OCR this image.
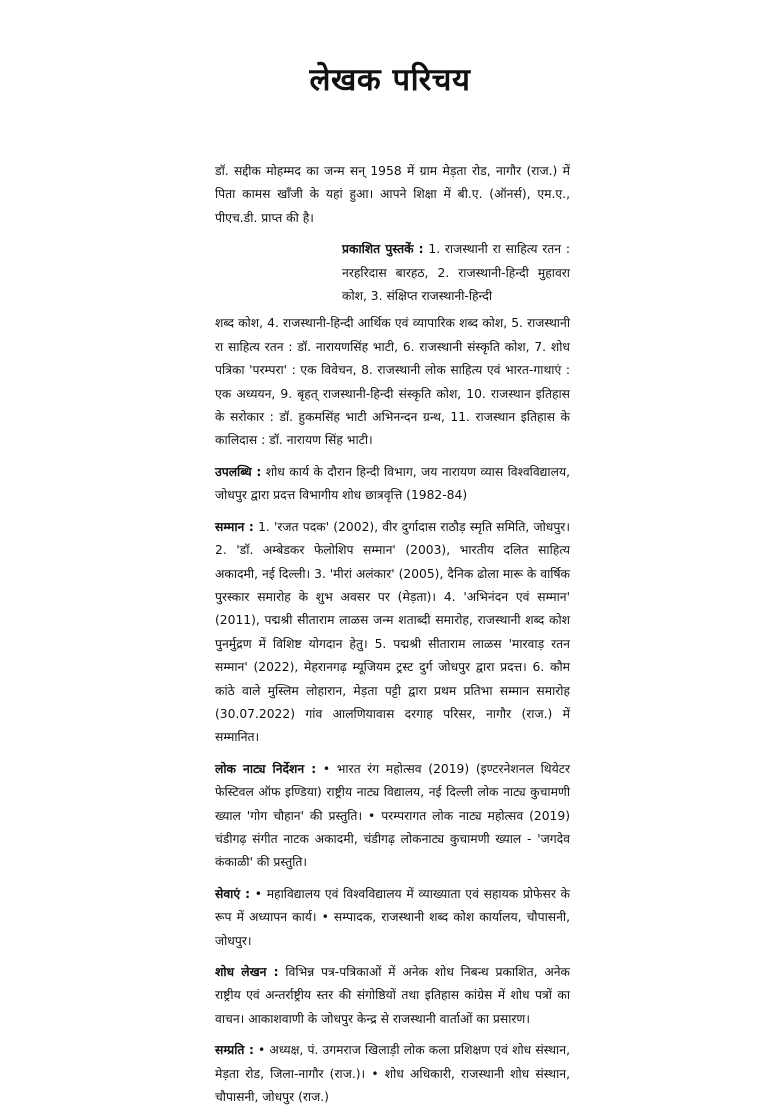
लेखक परिचय

डॉ. सद्दीक मोहम्मद का जन्म सन् 1958 में ग्राम मेड़ता रोड, नागौर (राज.) में पिता कामस खाँजी के यहां हुआ। आपने शिक्षा में बी.ए. (ऑनर्स), एम.ए., पीएच.डी. प्राप्त की है।

प्रकाशित पुस्तकें : 1. राजस्थानी रा साहित्य रतन : नरहरिदास बारहठ, 2. राजस्थानी-हिन्दी मुहावरा कोश, 3. संक्षिप्त राजस्थानी-हिन्दी

शब्द कोश, 4. राजस्थानी-हिन्दी आर्थिक एवं व्यापारिक शब्द कोश, 5. राजस्थानी रा साहित्य रतन : डॉ. नारायणसिंह भाटी, 6. राजस्थानी संस्कृति कोश, 7. शोध पत्रिका 'परम्परा' : एक विवेचन, 8. राजस्थानी लोक साहित्य एवं भारत-गाथाएं : एक अध्ययन, 9. बृहत् राजस्थानी-हिन्दी संस्कृति कोश, 10. राजस्थान इतिहास के सरोकार : डॉ. हुकमसिंह भाटी अभिनन्दन ग्रन्थ, 11. राजस्थान इतिहास के कालिदास : डॉ. नारायण सिंह भाटी।

उपलब्धि : शोध कार्य के दौरान हिन्दी विभाग, जय नारायण व्यास विश्वविद्यालय, जोधपुर द्वारा प्रदत्त विभागीय शोध छात्रवृत्ति (1982-84)

सम्मान : 1. 'रजत पदक' (2002), वीर दुर्गादास राठौड़ स्मृति समिति, जोधपुर। 2. 'डॉ. अम्बेडकर फेलोशिप सम्मान' (2003), भारतीय दलित साहित्य अकादमी, नई दिल्ली। 3. 'मीरां अलंकार' (2005), दैनिक ढोला मारू के वार्षिक पुरस्कार समारोह के शुभ अवसर पर (मेड़ता)। 4. 'अभिनंदन एवं सम्मान' (2011), पद्मश्री सीताराम लाळस जन्म शताब्दी समारोह, राजस्थानी शब्द कोश पुनर्मुद्रण में विशिष्ट योगदान हेतु। 5. पद्मश्री सीताराम लाळस 'मारवाड़ रतन सम्मान' (2022), मेहरानगढ़ म्यूजियम ट्रस्ट दुर्ग जोधपुर द्वारा प्रदत्त। 6. कौम कांठे वाले मुस्लिम लोहारान, मेड़ता पट्टी द्वारा प्रथम प्रतिभा सम्मान समारोह (30.07.2022) गांव आलणियावास दरगाह परिसर, नागौर (राज.) में सम्मानित।

लोक नाट्य निर्देशन : • भारत रंग महोत्सव (2019) (इण्टरनेशनल थियेटर फेस्टिवल ऑफ इण्डिया) राष्ट्रीय नाट्य विद्यालय, नई दिल्ली लोक नाट्य कुचामणी ख्याल 'गोग चौहान' की प्रस्तुति। • परम्परागत लोक नाट्य महोत्सव (2019) चंडीगढ़ संगीत नाटक अकादमी, चंडीगढ़ लोकनाट्य कुचामणी ख्याल - 'जगदेव कंकाळी' की प्रस्तुति।

सेवाएं : • महाविद्यालय एवं विश्वविद्यालय में व्याख्याता एवं सहायक प्रोफेसर के रूप में अध्यापन कार्य। • सम्पादक, राजस्थानी शब्द कोश कार्यालय, चौपासनी, जोधपुर।

शोध लेखन : विभिन्न पत्र-पत्रिकाओं में अनेक शोध निबन्ध प्रकाशित, अनेक राष्ट्रीय एवं अन्तर्राष्ट्रीय स्तर की संगोष्ठियों तथा इतिहास कांग्रेस में शोध पत्रों का वाचन। आकाशवाणी के जोधपुर केन्द्र से राजस्थानी वार्ताओं का प्रसारण।

सम्प्रति : • अध्यक्ष, पं. उगमराज खिलाड़ी लोक कला प्रशिक्षण एवं शोध संस्थान, मेड़ता रोड, जिला-नागौर (राज.)। • शोध अधिकारी, राजस्थानी शोध संस्थान, चौपासनी, जोधपुर (राज.)
